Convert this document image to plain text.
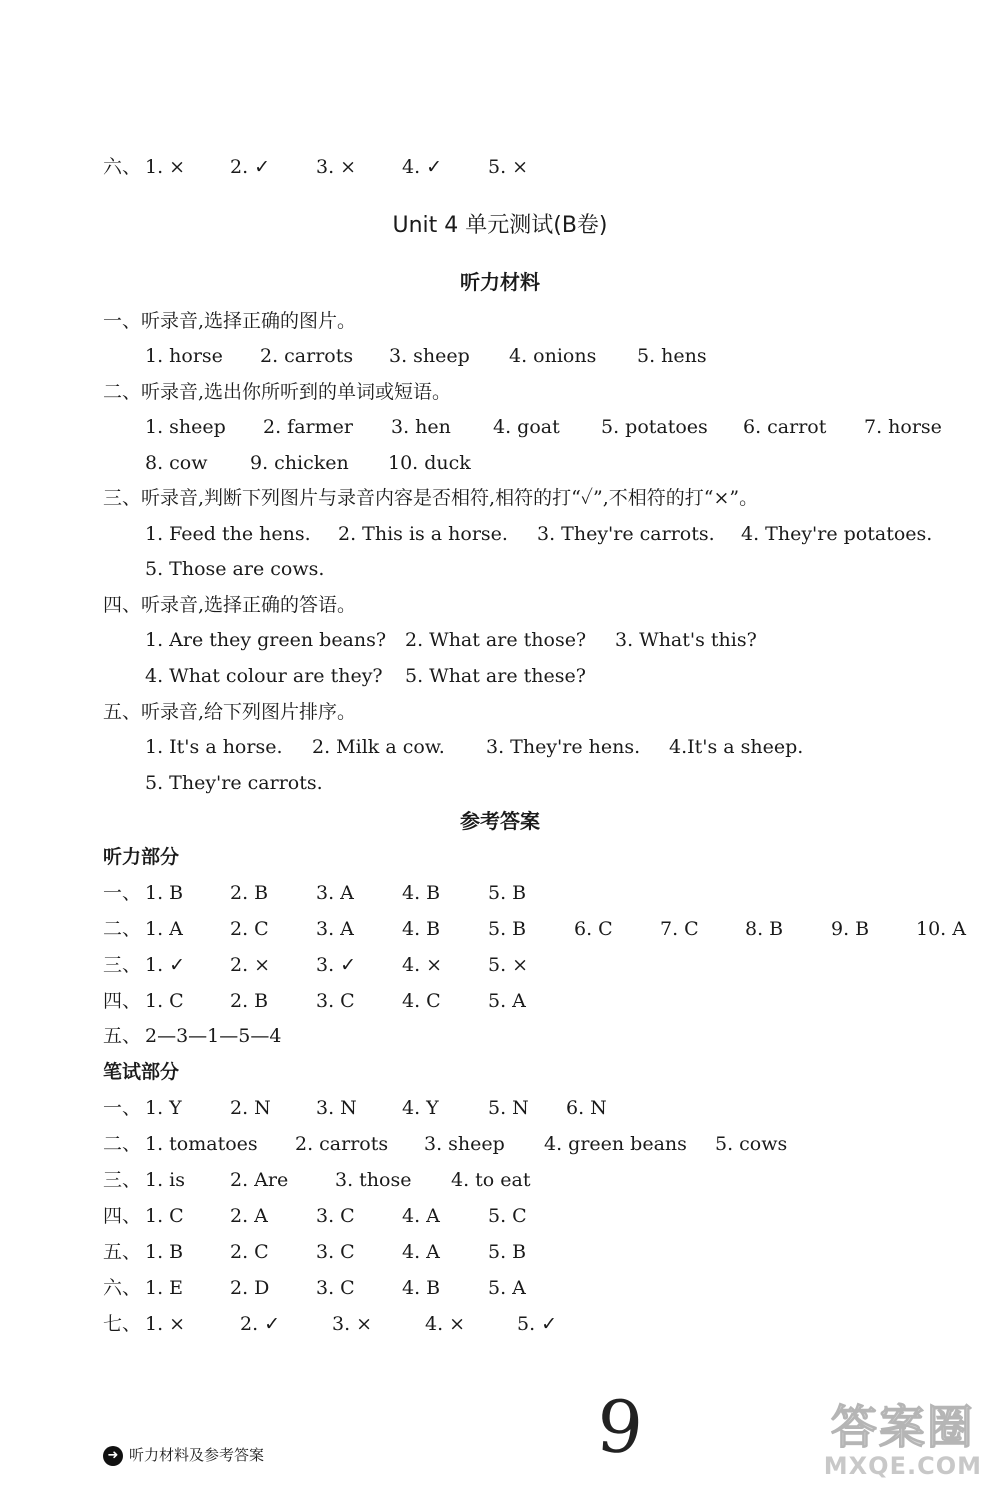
六、 1. × 2. ✓ 3. × 4. ✓ 5. ×
Unit 4 单元测试(B卷)
听力材料
一、听录音,选择正确的图片。
1. horse 2. carrots 3. sheep 4. onions 5. hens
二、听录音,选出你所听到的单词或短语。
1. sheep 2. farmer 3. hen 4. goat 5. potatoes 6. carrot 7. horse
8. cow 9. chicken 10. duck
三、听录音,判断下列图片与录音内容是否相符,相符的打“✓”,不相符的打“×”。
1. Feed the hens. 2. This is a horse. 3. They're carrots. 4. They're potatoes.
5. Those are cows.
四、听录音,选择正确的答语。
1. Are they green beans? 2. What are those? 3. What's this?
4. What colour are they? 5. What are these?
五、听录音,给下列图片排序。
1. It's a horse. 2. Milk a cow. 3. They're hens. 4.It's a sheep.
5. They're carrots.
参考答案
听力部分
一、 1. B 2. B	3. A	4. B	5. B
二、 1. A 2. C 3. A	4. B	5. B	6. C 7. C 8. B	9. B 10. A
三、 1. ✓ 2. × 3. ✓ 4. × 5. ×
四、 1. C 2. B	3. C 4. C 5. A
五、 2—3—1—5—4
笔试部分
一、 1. Y	2. N 3. N 4. Y	5. N 6. N
二、 1. tomatoes 2. carrots 3. sheep 4. green beans 5. cows
三、 1. is 2. Are 3. those 4. to eat
四、 1. C 2. A	3. C 4. A	5. C
五、 1. B 2. C 3. C 4. A	5. B
六、 1. E 2. D 3. C 4. B	5. A
七、 1. ×	2. ✓	3. ×	4. ×	5. ✓
9
➜ 听力材料及参考答案
答案圈
MXQE.COM
